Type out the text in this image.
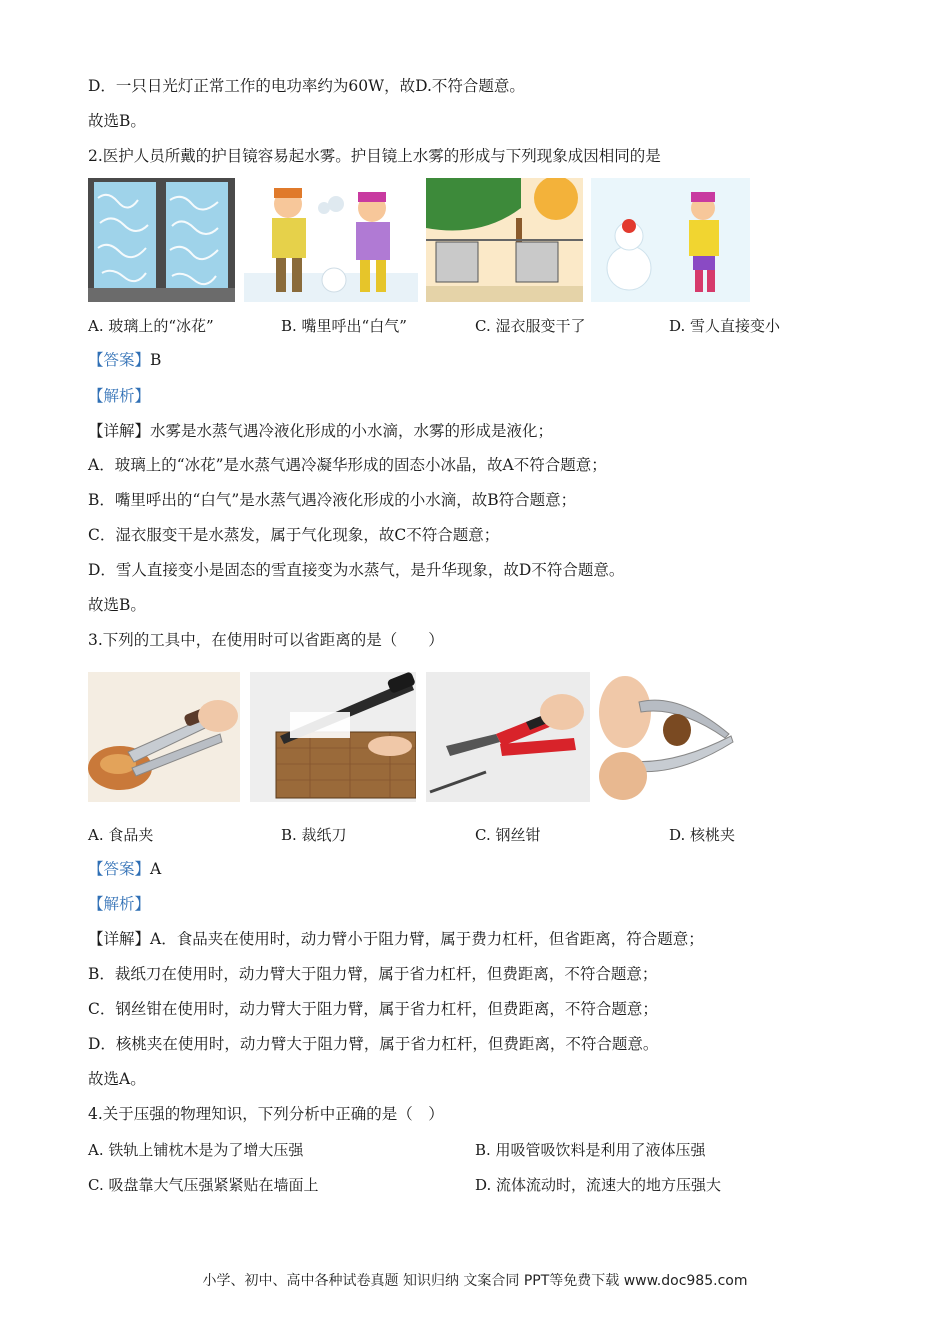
D．一只日光灯正常工作的电功率约为60W，故D.不符合题意。
故选B。
2.医护人员所戴的护目镜容易起水雾。护目镜上水雾的形成与下列现象成因相同的是
A. 玻璃上的“冰花”	B. 嘴里呼出“白气”	C. 湿衣服变干了	D. 雪人直接变小
【答案】B
【解析】
【详解】水雾是水蒸气遇冷液化形成的小水滴，水雾的形成是液化；
A．玻璃上的“冰花”是水蒸气遇冷凝华形成的固态小冰晶，故A不符合题意；
B．嘴里呼出的“白气”是水蒸气遇冷液化形成的小水滴，故B符合题意；
C．湿衣服变干是水蒸发，属于气化现象，故C不符合题意；
D．雪人直接变小是固态的雪直接变为水蒸气，是升华现象，故D不符合题意。
故选B。
3.下列的工具中，在使用时可以省距离的是（　　）
A. 食品夹	B. 裁纸刀	C. 钢丝钳	D. 核桃夹
【答案】A
【解析】
【详解】A．食品夹在使用时，动力臂小于阻力臂，属于费力杠杆，但省距离，符合题意；
B．裁纸刀在使用时，动力臂大于阻力臂，属于省力杠杆，但费距离，不符合题意；
C．钢丝钳在使用时，动力臂大于阻力臂，属于省力杠杆，但费距离，不符合题意；
D．核桃夹在使用时，动力臂大于阻力臂，属于省力杠杆，但费距离，不符合题意。
故选A。
4.关于压强的物理知识，下列分析中正确的是（　）
A. 铁轨上铺枕木是为了增大压强	B. 用吸管吸饮料是利用了液体压强
C. 吸盘靠大气压强紧紧贴在墙面上	D. 流体流动时，流速大的地方压强大
小学、初中、高中各种试卷真题 知识归纳 文案合同 PPT等免费下载 www.doc985.com
